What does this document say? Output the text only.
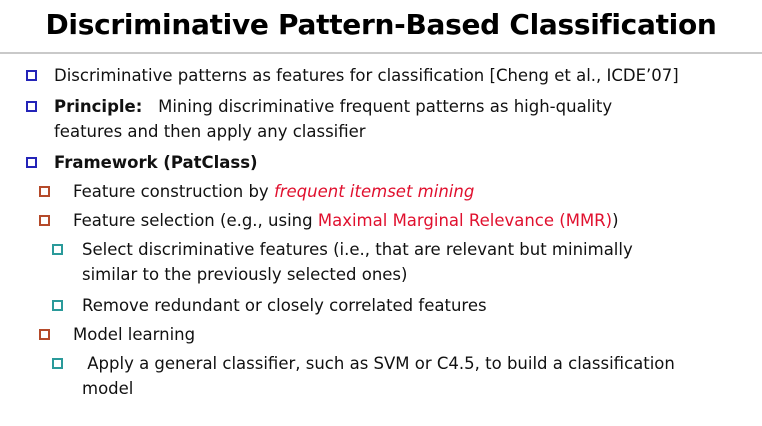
Discriminative Pattern-Based Classification
Discriminative patterns as features for classification [Cheng et al., ICDE’07]
Principle: Mining discriminative frequent patterns as high-quality
features and then apply any classifier
Framework (PatClass)
Feature construction by frequent itemset mining
Feature selection (e.g., using Maximal Marginal Relevance (MMR))
Select discriminative features (i.e., that are relevant but minimally
similar to the previously selected ones)
Remove redundant or closely correlated features
Model learning
Apply a general classifier, such as SVM or C4.5, to build a classification
model
